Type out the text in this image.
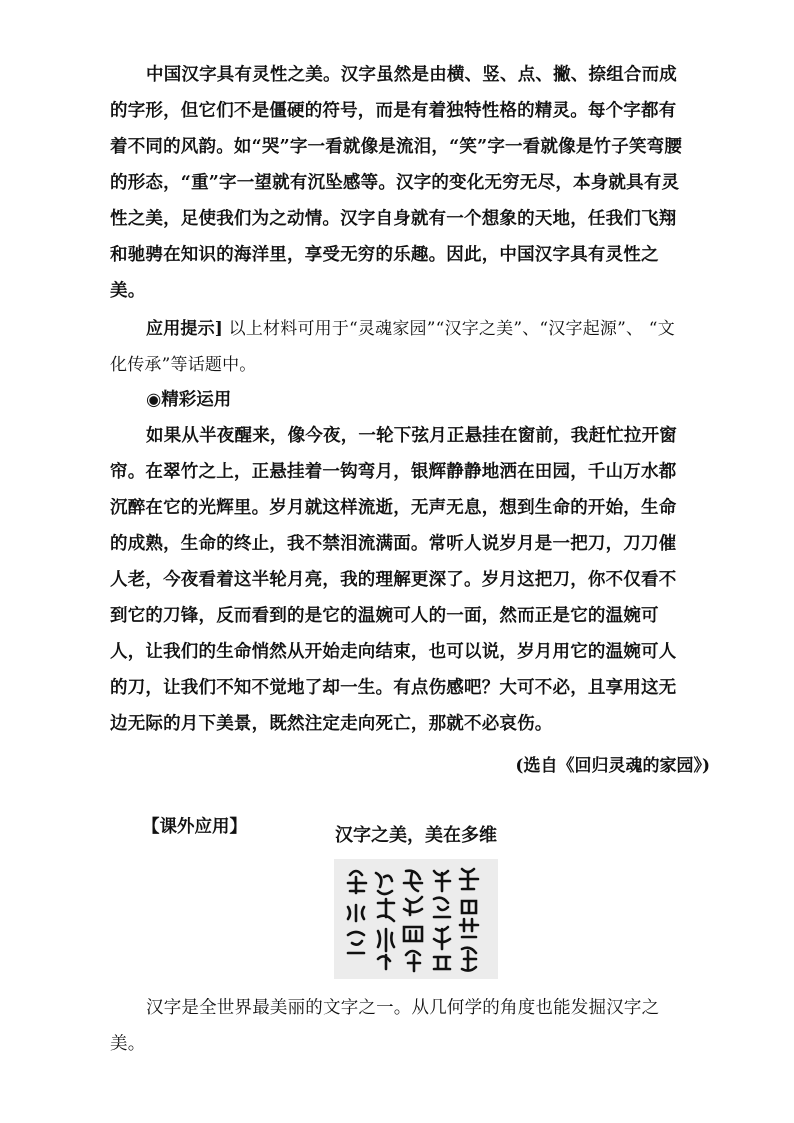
中国汉字具有灵性之美。汉字虽然是由横、竖、点、撇、捺组合而成的字形，但它们不是僵硬的符号，而是有着独特性格的精灵。每个字都有着不同的风韵。如“哭”字一看就像是流泪，“笑”字一看就像是竹子笑弯腰的形态，“重”字一望就有沉坠感等。汉字的变化无穷无尽，本身就具有灵性之美，足使我们为之动情。汉字自身就有一个想象的天地，任我们飞翔和驰骋在知识的海洋里，享受无穷的乐趣。因此，中国汉字具有灵性之美。
应用提示] 以上材料可用于“灵魂家园”“汉字之美”、“汉字起源”、 “文化传承”等话题中。
◉精彩运用
如果从半夜醒来，像今夜，一轮下弦月正悬挂在窗前，我赶忙拉开窗帘。在翠竹之上，正悬挂着一钩弯月，银辉静静地洒在田园，千山万水都沉醉在它的光辉里。岁月就这样流逝，无声无息，想到生命的开始，生命的成熟，生命的终止，我不禁泪流满面。常听人说岁月是一把刀，刀刀催人老，今夜看着这半轮月亮，我的理解更深了。岁月这把刀，你不仅看不到它的刀锋，反而看到的是它的温婉可人的一面，然而正是它的温婉可人，让我们的生命悄然从开始走向结束，也可以说，岁月用它的温婉可人的刀，让我们不知不觉地了却一生。有点伤感吧？大可不必，且享用这无边无际的月下美景，既然注定走向死亡，那就不必哀伤。
(选自《回归灵魂的家园》)
【课外应用】	汉字之美，美在多维
汉字是全世界最美丽的文字之一。从几何学的角度也能发掘汉字之美。
